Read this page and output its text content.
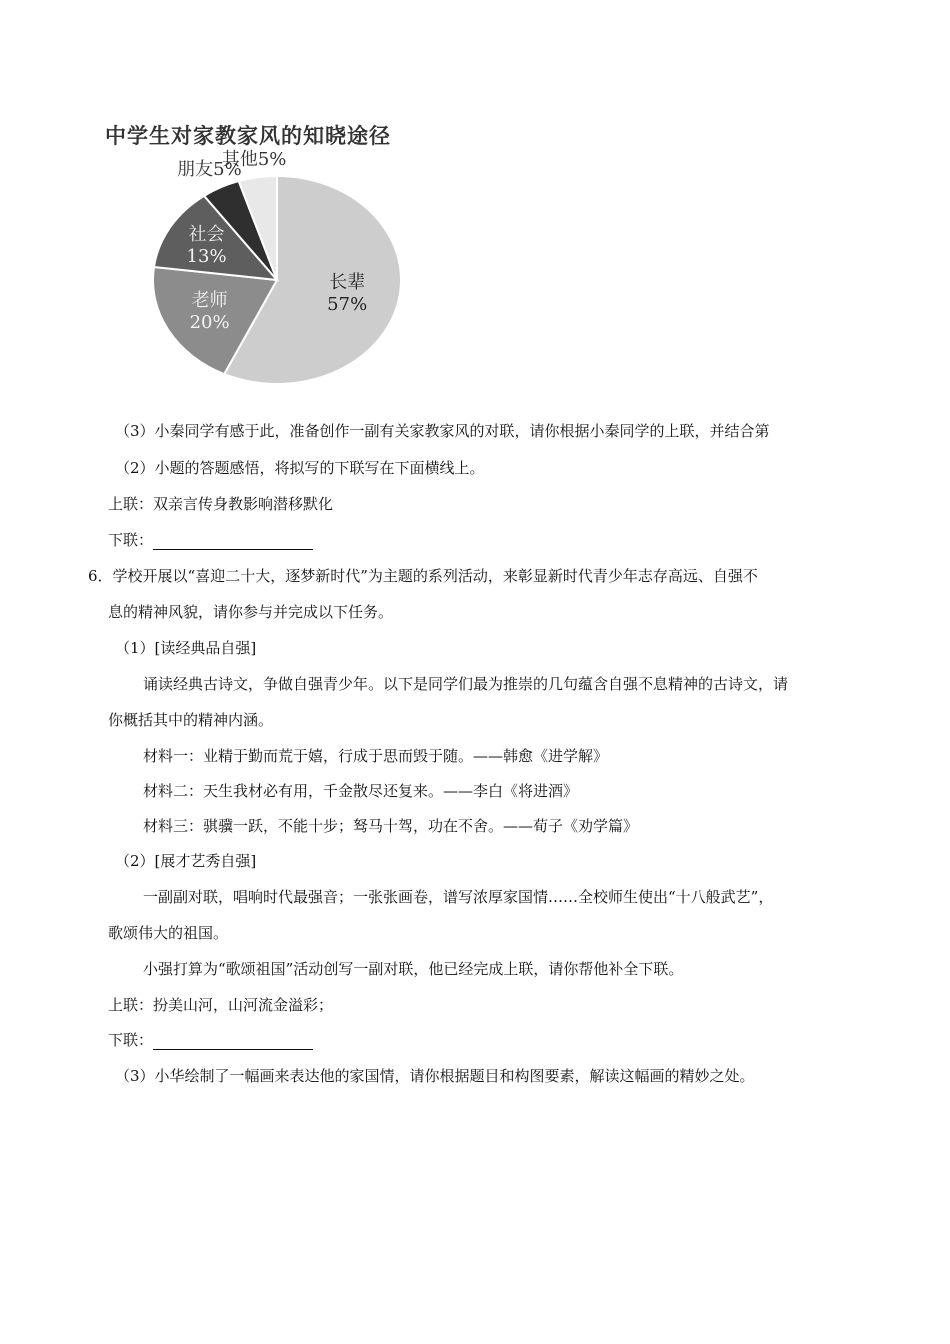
长辈 57%
老师 20%
社会 13%
朋友5%
其他5%
中学生对家教家风的知晓途径
（3）小秦同学有感于此，准备创作一副有关家教家风的对联，请你根据小秦同学的上联，并结合第
（2）小题的答题感悟，将拟写的下联写在下面横线上。
上联：双亲言传身教影响潜移默化
下联：
6．学校开展以“喜迎二十大，逐梦新时代”为主题的系列活动，来彰显新时代青少年志存高远、自强不
息的精神风貌，请你参与并完成以下任务。
（1）[读经典品自强]
诵读经典古诗文，争做自强青少年。以下是同学们最为推崇的几句蕴含自强不息精神的古诗文，请
你概括其中的精神内涵。
材料一：业精于勤而荒于嬉，行成于思而毁于随。——韩愈《进学解》
材料二：天生我材必有用，千金散尽还复来。——李白《将进酒》
材料三：骐骥一跃，不能十步；驽马十驾，功在不舍。——荀子《劝学篇》
（2）[展才艺秀自强]
一副副对联，唱响时代最强音；一张张画卷，谱写浓厚家国情……全校师生使出“十八般武艺”，
歌颂伟大的祖国。
小强打算为“歌颂祖国”活动创写一副对联，他已经完成上联，请你帮他补全下联。
上联：扮美山河，山河流金溢彩；
下联：
（3）小华绘制了一幅画来表达他的家国情，请你根据题目和构图要素，解读这幅画的精妙之处。
